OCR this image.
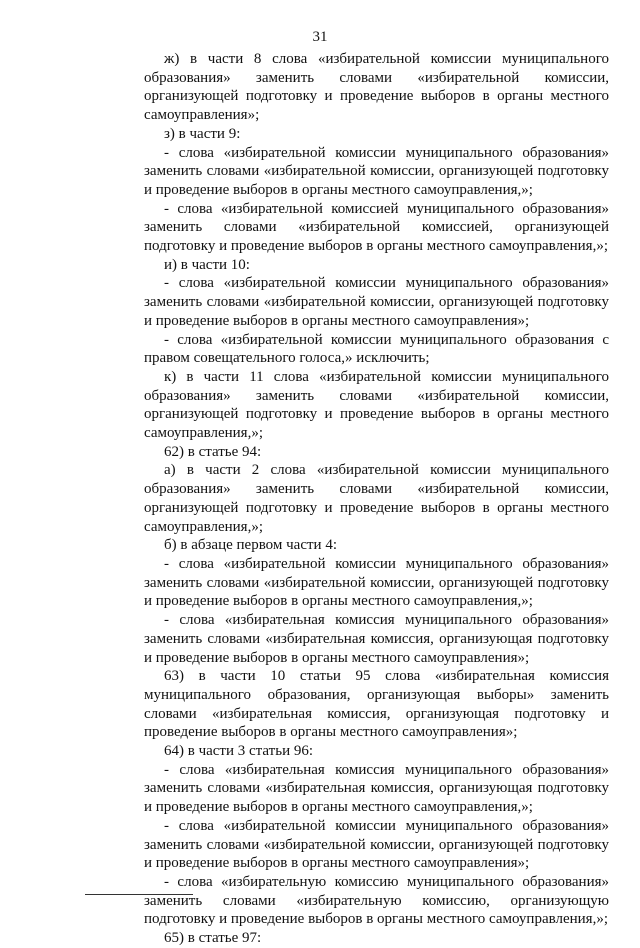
31

ж) в части 8 слова «избирательной комиссии муниципального образования» заменить словами «избирательной комиссии, организующей подготовку и проведение выборов в органы местного самоуправления»;

з) в части 9:

- слова «избирательной комиссии муниципального образования» заменить словами «избирательной комиссии, организующей подготовку и проведение выборов в органы местного самоуправления,»;

- слова «избирательной комиссией муниципального образования» заменить словами «избирательной комиссией, организующей подготовку и проведение выборов в органы местного самоуправления,»;

и) в части 10:

- слова «избирательной комиссии муниципального образования» заменить словами «избирательной комиссии, организующей подготовку и проведение выборов в органы местного самоуправления»;

- слова «избирательной комиссии муниципального образования с правом совещательного голоса,» исключить;

к) в части 11 слова «избирательной комиссии муниципального образования» заменить словами «избирательной комиссии, организующей подготовку и проведение выборов в органы местного самоуправления,»;

62) в статье 94:

а) в части 2 слова «избирательной комиссии муниципального образования» заменить словами «избирательной комиссии, организующей подготовку и проведение выборов в органы местного самоуправления,»;

б) в абзаце первом части 4:

- слова «избирательной комиссии муниципального образования» заменить словами «избирательной комиссии, организующей подготовку и проведение выборов в органы местного самоуправления,»;

- слова «избирательная комиссия муниципального образования» заменить словами «избирательная комиссия, организующая подготовку и проведение выборов в органы местного самоуправления»;

63) в части 10 статьи 95 слова «избирательная комиссия муниципального образования, организующая выборы» заменить словами «избирательная комиссия, организующая подготовку и проведение выборов в органы местного самоуправления»;

64) в части 3 статьи 96:

- слова «избирательная комиссия муниципального образования» заменить словами «избирательная комиссия, организующая подготовку и проведение выборов в органы местного самоуправления,»;

- слова «избирательной комиссии муниципального образования» заменить словами «избирательной комиссии, организующей подготовку и проведение выборов в органы местного самоуправления»;

- слова «избирательную комиссию муниципального образования» заменить словами «избирательную комиссию, организующую подготовку и проведение выборов в органы местного самоуправления,»;

65) в статье 97:
